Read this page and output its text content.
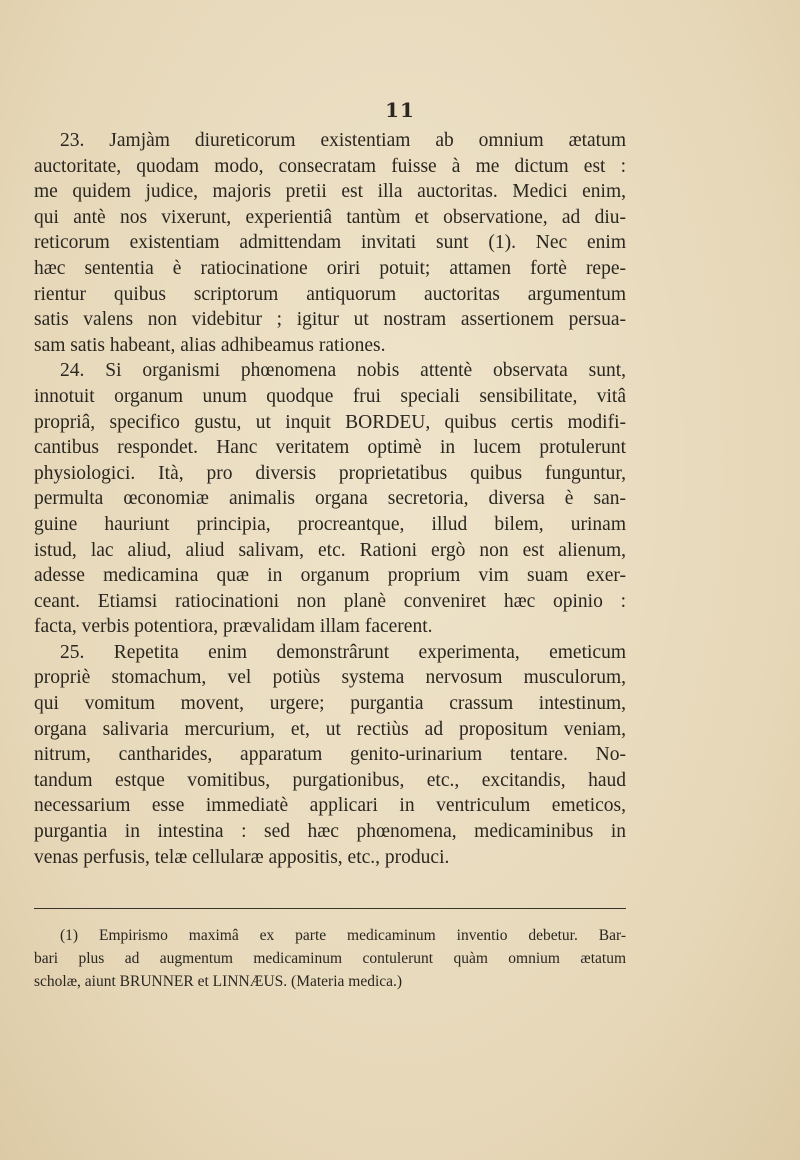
11
23. Jamjàm diureticorum existentiam ab omnium ætatum
auctoritate, quodam modo, consecratam fuisse à me dictum est :
me quidem judice, majoris pretii est illa auctoritas. Medici enim,
qui antè nos vixerunt, experientiâ tantùm et observatione, ad diu-
reticorum existentiam admittendam invitati sunt (1). Nec enim
hæc sententia è ratiocinatione oriri potuit; attamen fortè repe-
rientur quibus scriptorum antiquorum auctoritas argumentum
satis valens non videbitur ; igitur ut nostram assertionem persua-
sam satis habeant, alias adhibeamus rationes.
24. Si organismi phœnomena nobis attentè observata sunt,
innotuit organum unum quodque frui speciali sensibilitate, vitâ
propriâ, specifico gustu, ut inquit BORDEU, quibus certis modifi-
cantibus respondet. Hanc veritatem optimè in lucem protulerunt
physiologici. Ità, pro diversis proprietatibus quibus funguntur,
permulta œconomiæ animalis organa secretoria, diversa è san-
guine hauriunt principia, procreantque, illud bilem, urinam
istud, lac aliud, aliud salivam, etc. Rationi ergò non est alienum,
adesse medicamina quæ in organum proprium vim suam exer-
ceant. Etiamsi ratiocinationi non planè conveniret hæc opinio :
facta, verbis potentiora, prævalidam illam facerent.
25. Repetita enim demonstrârunt experimenta, emeticum
propriè stomachum, vel potiùs systema nervosum musculorum,
qui vomitum movent, urgere; purgantia crassum intestinum,
organa salivaria mercurium, et, ut rectiùs ad propositum veniam,
nitrum, cantharides, apparatum genito-urinarium tentare. No-
tandum estque vomitibus, purgationibus, etc., excitandis, haud
necessarium esse immediatè applicari in ventriculum emeticos,
purgantia in intestina : sed hæc phœnomena, medicaminibus in
venas perfusis, telæ cellularæ appositis, etc., produci.
(1) Empirismo maximâ ex parte medicaminum inventio debetur. Bar-
bari plus ad augmentum medicaminum contulerunt quàm omnium ætatum
scholæ, aiunt BRUNNER et LINNÆUS. (Materia medica.)
